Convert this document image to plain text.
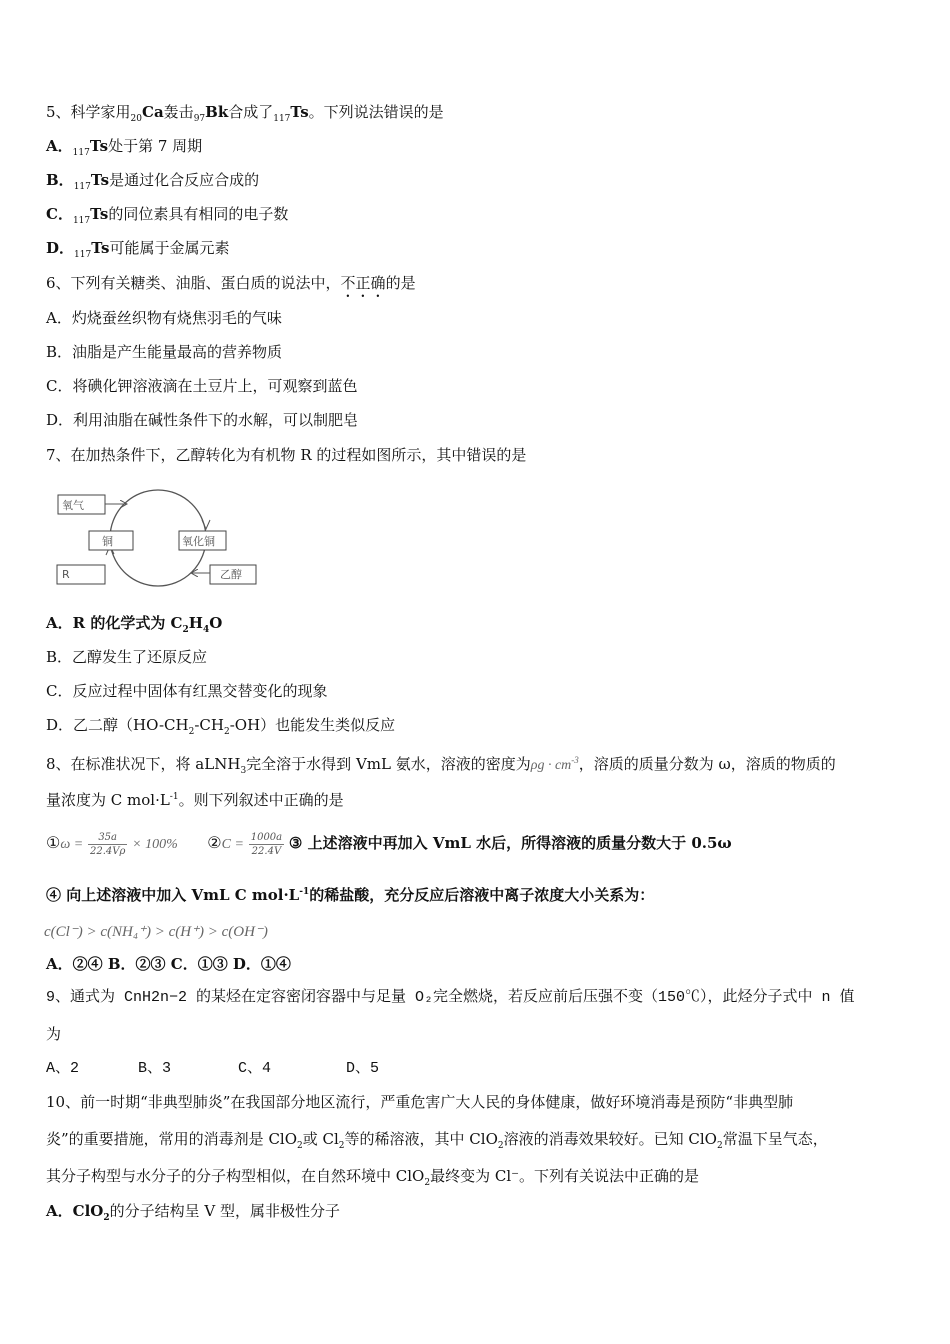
5、科学家用$_{20}$Ca轰击$_{97}$Bk合成了$_{117}$Ts。下列说法错误的是
A．$_{117}$Ts处于第 7 周期
B．$_{117}$Ts是通过化合反应合成的
C．$_{117}$Ts的同位素具有相同的电子数
D．$_{117}$Ts可能属于金属元素
6、下列有关糖类、油脂、蛋白质的说法中，不正确的是
A．灼烧蚕丝织物有烧焦羽毛的气味
B．油脂是产生能量最高的营养物质
C．将碘化钾溶液滴在土豆片上，可观察到蓝色
D．利用油脂在碱性条件下的水解，可以制肥皂
7、在加热条件下，乙醇转化为有机物 R 的过程如图所示，其中错误的是
氧气
铜	氧化铜
R	乙醇
A．R 的化学式为 $C_2H_4O$
B．乙醇发生了还原反应
C．反应过程中固体有红黑交替变化的现象
D．乙二醇$(HO-CH_2-CH_2-OH)$也能发生类似反应
8、在标准状况下，将 aLNH$_3$完全溶于水得到 VmL 氨水，溶液的密度为$\rho g \cdot cm^{-3}$，溶质的质量分数为 ω，溶质的物质的
量浓度为 C $mol\cdot L^{-1}$。则下列叙述中正确的是
①ω = $\frac{35a}{22.4V\rho} \times 100\%$ ②C = $\frac{1000a}{22.4V}$ ③ 上述溶液中再加入 VmL 水后，所得溶液的质量分数大于 0.5ω
④ 向上述溶液中加入 VmL C $mol\cdot L^{-1}$的稀盐酸，充分反应后溶液中离子浓度大小关系为：
c(Cl⁻) > c(NH₄⁺) > c(H⁺) > c(OH⁻)
A．②④ B．②③ C．①③ D．①④
9、通式为 CnH2n−2 的某烃在定容密闭容器中与足量 O₂完全燃烧，若反应前后压强不变（150℃），此烃分子式中 n 值
为
A、2	B、3	C、4	D、5
10、前一时期“非典型肺炎”在我国部分地区流行，严重危害广大人民的身体健康，做好环境消毒是预防“非典型肺
炎”的重要措施，常用的消毒剂是 ClO$_2$或 $Cl_2$等的稀溶液，其中 ClO$_2$溶液的消毒效果较好。已知 ClO$_2$常温下呈气态，
其分子构型与水分子的分子构型相似，在自然环境中 ClO$_2$最终变为 Cl⁻。下列有关说法中正确的是
A．ClO$_2$的分子结构呈 V 型，属非极性分子
